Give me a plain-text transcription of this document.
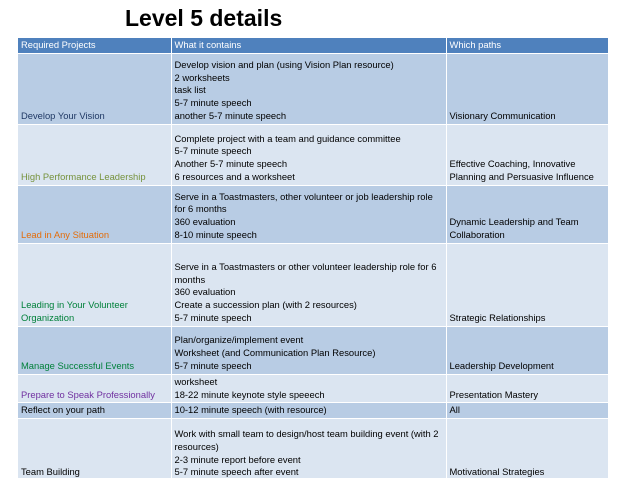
Level 5 details
Required Projects	What it contains	Which paths
Develop Your Vision	Develop vision and plan (using Vision Plan resource)
2 worksheets
task list
5-7 minute speech
another 5-7 minute speech	Visionary Communication
High Performance Leadership	Complete project with a team and guidance committee
5-7 minute speech
Another 5-7 minute speech
6 resources and a worksheet	Effective Coaching, Innovative Planning and Persuasive Influence
Lead in Any Situation	Serve in a Toastmasters, other volunteer or job leadership role for 6 months
360 evaluation
8-10 minute speech	Dynamic Leadership and Team Collaboration
Leading in Your Volunteer Organization	Serve in a Toastmasters or other volunteer leadership role for 6 months
360 evaluation
Create a succession plan (with 2 resources)
5-7 minute speech	Strategic Relationships
Manage Successful Events	Plan/organize/implement event
Worksheet (and Communication Plan Resource)
5-7 minute speech	Leadership Development
Prepare to Speak Professionally	worksheet
18-22 minute keynote style speeech	Presentation Mastery
Reflect on your path	10-12 minute speech (with resource)	All
Team Building	Work with small team to design/host team building event (with 2 resources)
2-3 minute report before event
5-7 minute speech after event	Motivational Strategies
